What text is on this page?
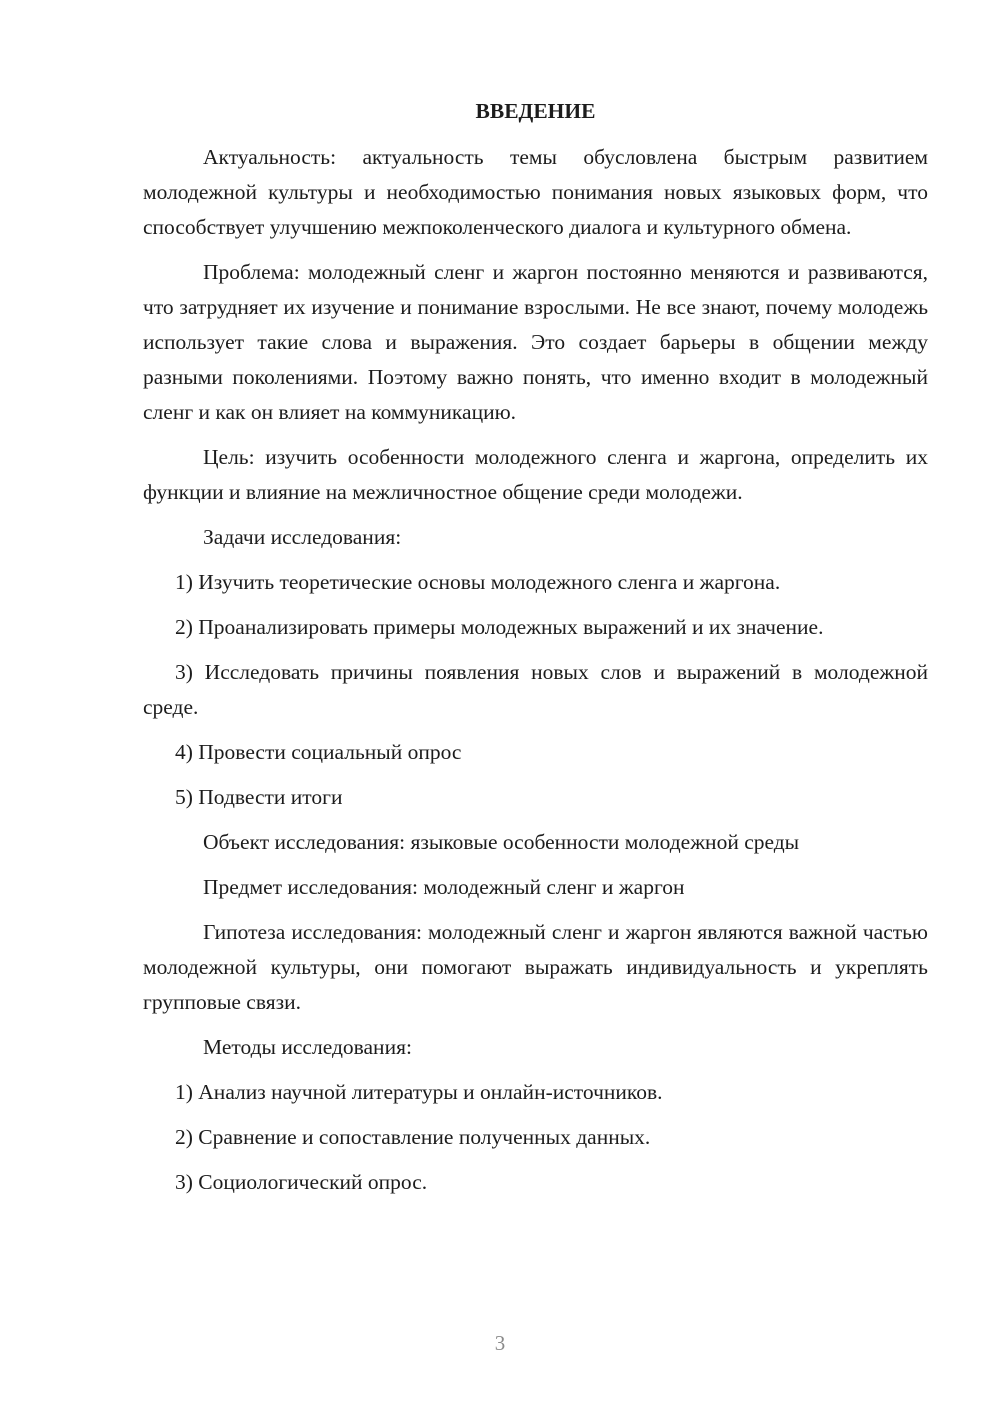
ВВЕДЕНИЕ

Актуальность: актуальность темы обусловлена быстрым развитием молодежной культуры и необходимостью понимания новых языковых форм, что способствует улучшению межпоколенческого диалога и культурного обмена.

Проблема: молодежный сленг и жаргон постоянно меняются и развиваются, что затрудняет их изучение и понимание взрослыми. Не все знают, почему молодежь использует такие слова и выражения. Это создает барьеры в общении между разными поколениями. Поэтому важно понять, что именно входит в молодежный сленг и как он влияет на коммуникацию.

Цель: изучить особенности молодежного сленга и жаргона, определить их функции и влияние на межличностное общение среди молодежи.

Задачи исследования:

1) Изучить теоретические основы молодежного сленга и жаргона.

2) Проанализировать примеры молодежных выражений и их значение.

3) Исследовать причины появления новых слов и выражений в молодежной среде.

4) Провести социальный опрос

5) Подвести итоги

Объект исследования: языковые особенности молодежной среды

Предмет исследования: молодежный сленг и жаргон

Гипотеза исследования: молодежный сленг и жаргон являются важной частью молодежной культуры, они помогают выражать индивидуальность и укреплять групповые связи.

Методы исследования:

1) Анализ научной литературы и онлайн-источников.

2) Сравнение и сопоставление полученных данных.

3) Социологический опрос.

3
